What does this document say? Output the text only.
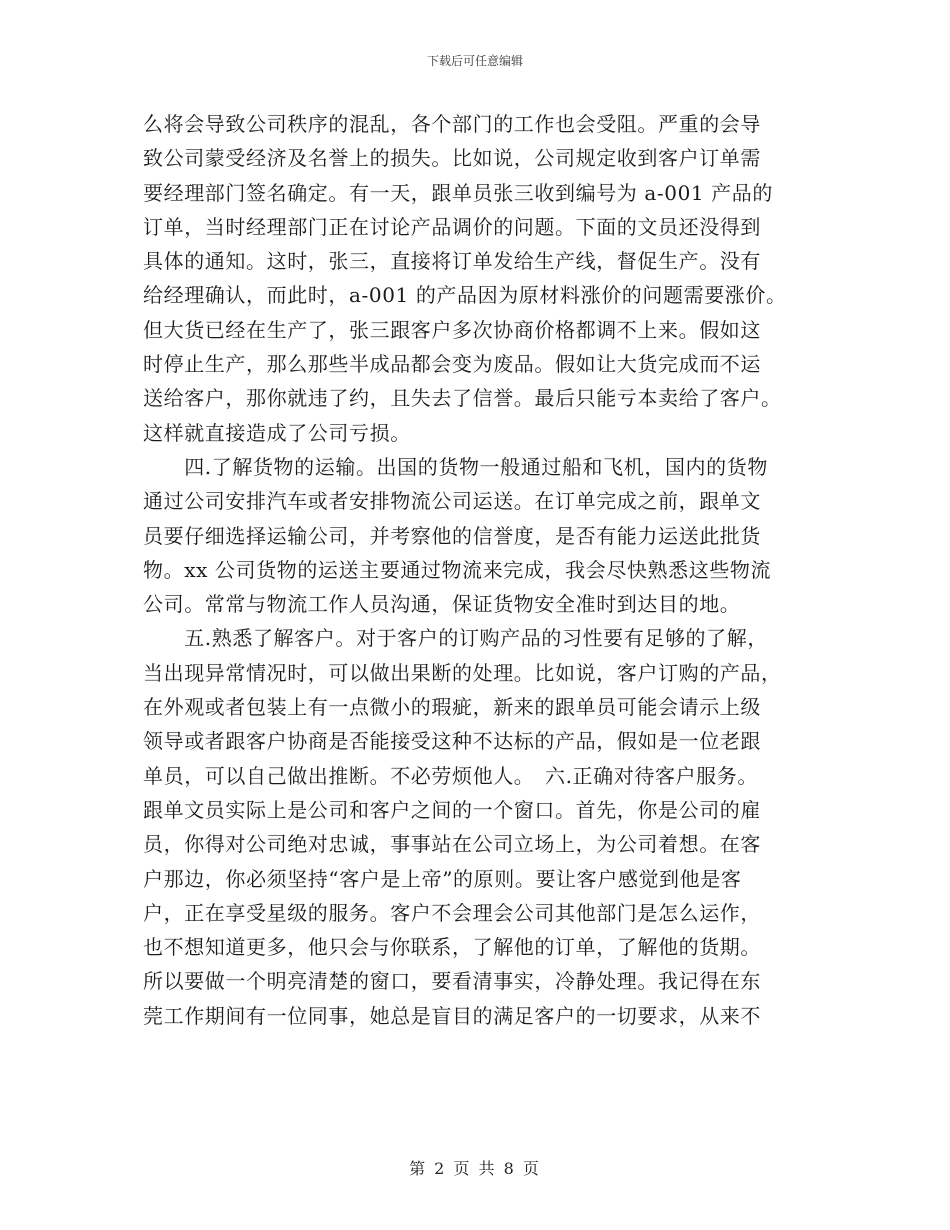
下载后可任意编辑
么将会导致公司秩序的混乱，各个部门的工作也会受阻。严重的会导
致公司蒙受经济及名誉上的损失。比如说，公司规定收到客户订单需
要经理部门签名确定。有一天，跟单员张三收到编号为 a-001 产品的
订单，当时经理部门正在讨论产品调价的问题。下面的文员还没得到
具体的通知。这时，张三，直接将订单发给生产线，督促生产。没有
给经理确认，而此时，a-001 的产品因为原材料涨价的问题需要涨价。
但大货已经在生产了，张三跟客户多次协商价格都调不上来。假如这
时停止生产，那么那些半成品都会变为废品。假如让大货完成而不运
送给客户，那你就违了约，且失去了信誉。最后只能亏本卖给了客户。
这样就直接造成了公司亏损。
　　四.了解货物的运输。出国的货物一般通过船和飞机，国内的货物
通过公司安排汽车或者安排物流公司运送。在订单完成之前，跟单文
员要仔细选择运输公司，并考察他的信誉度，是否有能力运送此批货
物。xx 公司货物的运送主要通过物流来完成，我会尽快熟悉这些物流
公司。常常与物流工作人员沟通，保证货物安全准时到达目的地。
　　五.熟悉了解客户。对于客户的订购产品的习性要有足够的了解，
当出现异常情况时，可以做出果断的处理。比如说，客户订购的产品，
在外观或者包装上有一点微小的瑕疵，新来的跟单员可能会请示上级
领导或者跟客户协商是否能接受这种不达标的产品，假如是一位老跟
单员，可以自己做出推断。不必劳烦他人。　六.正确对待客户服务。
跟单文员实际上是公司和客户之间的一个窗口。首先，你是公司的雇
员，你得对公司绝对忠诚，事事站在公司立场上，为公司着想。在客
户那边，你必须坚持“客户是上帝”的原则。要让客户感觉到他是客
户，正在享受星级的服务。客户不会理会公司其他部门是怎么运作，
也不想知道更多，他只会与你联系，了解他的订单，了解他的货期。
所以要做一个明亮清楚的窗口，要看清事实，冷静处理。我记得在东
莞工作期间有一位同事，她总是盲目的满足客户的一切要求，从来不
第 2 页 共 8 页
